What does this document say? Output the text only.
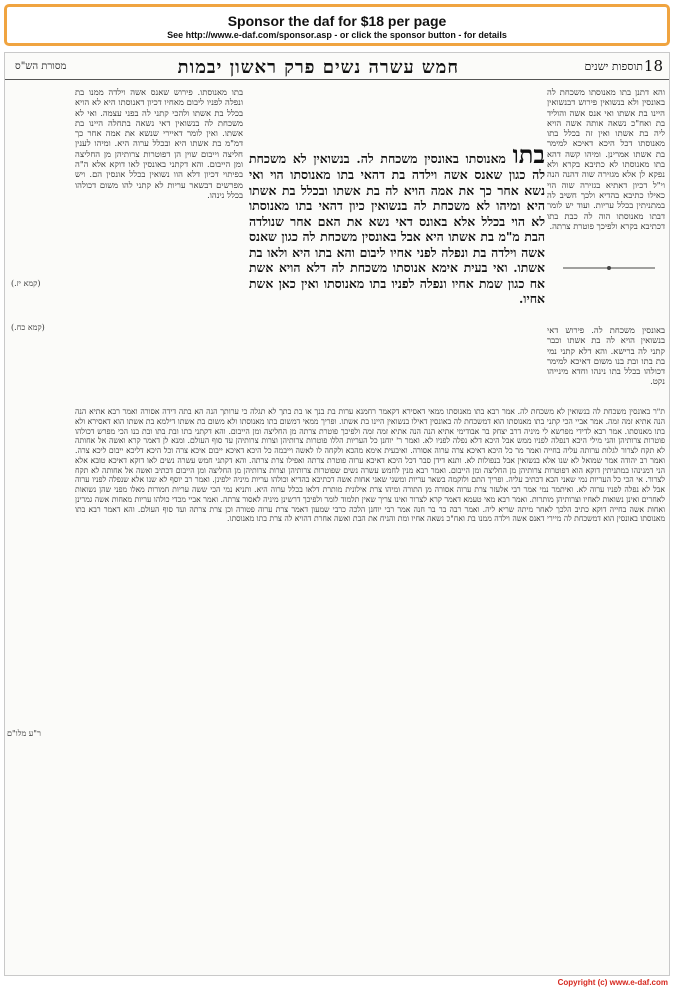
Sponsor the daf for $18 per page
See http://www.e-daf.com/sponsor.asp - or click the sponsor button - for details
18
תוספות ישנים
חמש עשרה נשים פרק ראשון יבמות
מסורת הש"ס
(קמא יז.)
(קמא כח.)
ר"ע מלו"ם
והא דתנן בתו מאנוסתו משכחת לה באונסין ולא בנשואין פירוש דבנשואין היינו בת אשתו ואי אנס אשה והוליד בת ואח"כ נשאה אותה אשה הויא ליה בת אשתו ואין זה בכלל בתו מאנוסתו דכל היכא דאיכא למימר בת אשתו אמרינן. ומיהו קשה דהא בתו מאנוסתו לא כתיבא בקרא ולא נפקא לן אלא מגזירה שוה דהנה הנה וי"ל דכיון דאתיא בגזירה שוה הוי כאילו כתיבא בהדיא ולכך חשיב לה במתניתין בכלל עריות. ועוד יש לומר דבתו מאנוסתו הוה לה כבת בתו דכתיבא בקרא ולפיכך פוטרת צרתה.
באונסין משכחת לה. פירוש דאי בנשואין הויא לה בת אשתו וכבר קתני לה ברישא. והא דלא קתני נמי בת בתו ובת בנו משום דאיכא למימר דכולהו בכלל בתו נינהו וחדא מינייהו נקט.
בתו מאנוסתו. פירוש שאנס אשה וילדה ממנו בת ונפלה לפניו ליבום מאחיו דכיון דאנוסתו היא לא הויא בכלל בת אשתו ולהכי קתני לה בפני עצמה. ואי לא משכחת לה בנשואין דאי נשאה בתחלה היינו בת אשתו. ואין לומר דאיירי שנשא את אמה אחר כך דמ"מ בת אשתו היא ובכלל ערוה היא. ומיהו לענין חליצה וייבום שוין הן דפוטרות צרותיהן מן החליצה ומן הייבום. והא דקתני באונסין לאו דוקא אלא ה"ה בפיתוי דכיון דלא הוו נשואין בכלל אונסין הם. ויש מפרשים דבשאר עריות לא קתני להו משום דכולהו בכלל נינהו.
בתו מאנוסתו באונסין משכחת לה. בנשואין לא משכחת לה כגון שאנס אשה וילדה בת דהאי בתו מאנוסתו הוי ואי נשא אחר כך את אמה הויא לה בת אשתו ובכלל בת אשתו היא ומיהו לא משכחת לה בנשואין כיון דהאי בתו מאנוסתו לא הוי בכלל אלא באונס דאי נשא את האם אחר שנולדה הבת מ"מ בת אשתו היא אבל באונסין משכחת לה כגון שאנס אשה וילדה בת ונפלה לפני אחיו ליבום והא בתו היא ולאו בת אשתו. ואי בעית אימא אנוסתו משכחת לה דלא הויא אשת אח כגון שמת אחיו ונפלה לפניו בתו מאנוסתו ואין כאן אשת אחיו.
ת"ר באונסין משכחת לה בנשואין לא משכחת לה. אמר רבא בתו מאנוסתו ממאי דאסירא דקאמר רחמנא ערות בת בנך או בת בתך לא תגלה כי ערותך הנה הא בתה דידה אסורה ואמר רבא אתיא הנה הנה אתיא זמה זמה. אמר אביי הכי קתני בתו מאנוסתו הוא דמשכחת לה באונסין דאילו בנשואין היינו בת אשתו. ופריך ממאי דמשום בתו מאנוסתו ולא משום בת אשתו דילמא בת אשתו הוא דאסירא ולא בתו מאנוסתו. אמר רבא לדידי מפרשא לי מיניה דרב יצחק בר אבודימי אתיא הנה הנה אתיא זמה זמה ולפיכך פוטרת צרתה מן החליצה ומן הייבום. והא דקתני בתו ובת בתו ובת בנו הכי מפרש דכולהו פוטרות צרותיהן והני מילי היכא דנפלה לפניו ממש אבל היכא דלא נפלה לפניו לא. ואמר ר' יוחנן כל העריות הללו פוטרות צרותיהן וצרות צרותיהן עד סוף העולם. ומנא לן דאמר קרא ואשה אל אחותה לא תקח לצרור לגלות ערותה עליה בחייה ואמר מר כל היכא דאיכא צרה ערוה אסורה. ואיבעית אימא מהכא ולקחה לו לאשה וייבמה כל היכא דאיכא ייבום איכא צרה וכל היכא דליכא ייבום ליכא צרה. ואמר רב יהודה אמר שמואל לא שנו אלא בנשואין אבל בנפולות לא. ותנא דידן סבר דכל היכא דאיכא ערוה פוטרת צרתה ואפילו צרת צרתה. והא דקתני חמש עשרה נשים לאו דוקא דאיכא טובא אלא הני דמנינהו במתניתין דוקא הוא דפוטרות צרותיהן מן החליצה ומן הייבום. ואמר רבא מנין לחמש עשרה נשים שפוטרות צרותיהן וצרות צרותיהן מן החליצה ומן הייבום דכתיב ואשה אל אחותה לא תקח לצרור. אי הכי כל העריות נמי שאני הכא דכתיב עליה. ופריך התם ולוקמה בשאר עריות ומשני שאני אחות אשה דכתיבא בהדיא וכולהו עריות מיניה ילפינן. ואמר רב יוסף לא שנו אלא שנפלה לפניו ערוה אבל לא נפלה לפניו ערוה לא. ואיתמר נמי אמר רבי אלעזר צרת ערוה אסורה מן התורה ומיהו צרת אילונית מותרת דלאו בכלל ערוה היא. ותניא נמי הכי ששה עריות חמורות מאלו מפני שהן נשואות לאחרים ואינן נשואות לאחיו וצרותיהן מותרות. ואמר רבא מאי טעמא דאמר קרא לצרור ואינו צריך שאין תלמוד לומר ולפיכך דרשינן מיניה לאסור צרתה. ואמר אביי מכדי כולהו עריות מאחות אשה גמרינן ואחות אשה בחייה דוקא כתיב הלכך לאחר מיתה שריא ליה. ואמר רבה בר בר חנה אמר רבי יוחנן הלכה כרבי שמעון דאמר צרת ערוה פטורה וכן צרת צרתה ועד סוף העולם. והא דאמר רבא בתו מאנוסתו באונסין הוא דמשכחת לה מיירי דאנס אשה וילדה ממנו בת ואח"כ נשאה אחיו ומת והניח את הבת ואשה אחרת דהויא לה צרת בתו מאנוסתו.
Copyright (c) www.e-daf.com
